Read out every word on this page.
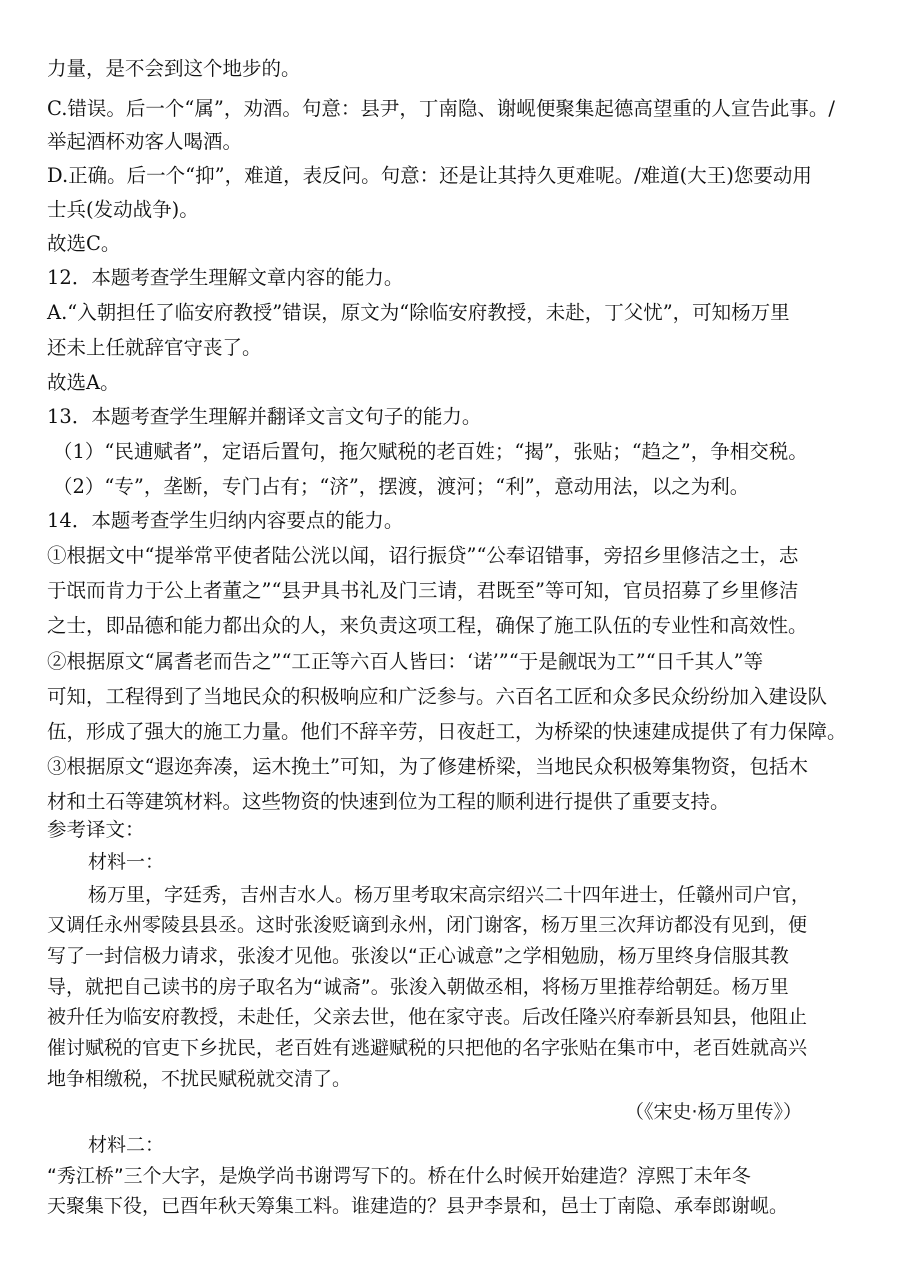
力量，是不会到这个地步的。
C.错误。后一个“属”，劝酒。句意：县尹，丁南隐、谢岘便聚集起德高望重的人宣告此事。/
举起酒杯劝客人喝酒。
D.正确。后一个“抑”，难道，表反问。句意：还是让其持久更难呢。/难道(大王)您要动用
士兵(发动战争)。
故选C。
12．本题考查学生理解文章内容的能力。
A.“入朝担任了临安府教授”错误，原文为“除临安府教授，未赴，丁父忧”，可知杨万里
还未上任就辞官守丧了。
故选A。
13．本题考查学生理解并翻译文言文句子的能力。
（1）“民逋赋者”，定语后置句，拖欠赋税的老百姓；“揭”，张贴；“趋之”，争相交税。
（2）“专”，垄断，专门占有；“济”，摆渡，渡河；“利”，意动用法，以之为利。
14．本题考查学生归纳内容要点的能力。
①根据文中“提举常平使者陆公洸以闻，诏行振贷”“公奉诏错事，旁招乡里修洁之士，志
于氓而肯力于公上者董之”“县尹具书礼及门三请，君既至”等可知，官员招募了乡里修洁
之士，即品德和能力都出众的人，来负责这项工程，确保了施工队伍的专业性和高效性。
②根据原文“属耆老而告之”“工正等六百人皆曰：‘诺’”“于是觎氓为工”“日千其人”等
可知，工程得到了当地民众的积极响应和广泛参与。六百名工匠和众多民众纷纷加入建设队
伍，形成了强大的施工力量。他们不辞辛劳，日夜赶工，为桥梁的快速建成提供了有力保障。
③根据原文“遐迩奔凑，运木挽土”可知，为了修建桥梁，当地民众积极筹集物资，包括木
材和土石等建筑材料。这些物资的快速到位为工程的顺利进行提供了重要支持。
参考译文：
材料一：
杨万里，字廷秀，吉州吉水人。杨万里考取宋高宗绍兴二十四年进士，任赣州司户官，
又调任永州零陵县县丞。这时张浚贬谪到永州，闭门谢客，杨万里三次拜访都没有见到，便
写了一封信极力请求，张浚才见他。张浚以“正心诚意”之学相勉励，杨万里终身信服其教
导，就把自己读书的房子取名为“诚斋”。张浚入朝做丞相，将杨万里推荐给朝廷。杨万里
被升任为临安府教授，未赴任，父亲去世，他在家守丧。后改任隆兴府奉新县知县，他阻止
催讨赋税的官吏下乡扰民，老百姓有逃避赋税的只把他的名字张贴在集市中，老百姓就高兴
地争相缴税，不扰民赋税就交清了。
（《宋史·杨万里传》）
材料二：
“秀江桥”三个大字，是焕学尚书谢谔写下的。桥在什么时候开始建造？淳熙丁未年冬
天聚集下役，已酉年秋天筹集工料。谁建造的？县尹李景和，邑士丁南隐、承奉郎谢岘。
